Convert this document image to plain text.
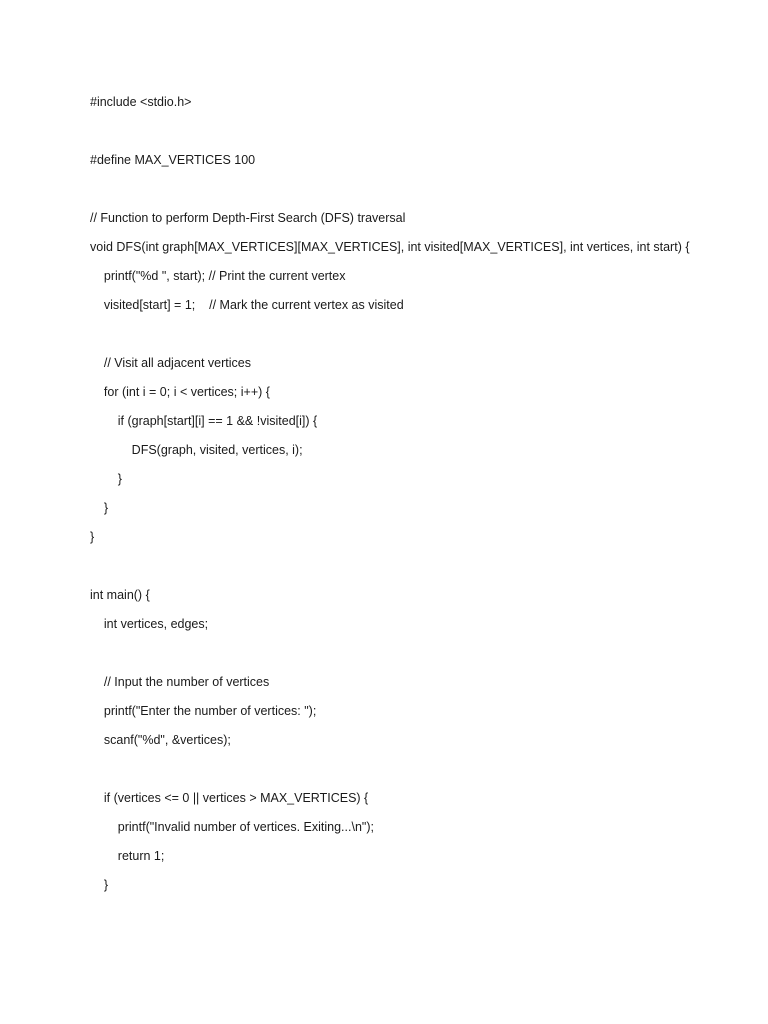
#include <stdio.h>
#define MAX_VERTICES 100
// Function to perform Depth-First Search (DFS) traversal
void DFS(int graph[MAX_VERTICES][MAX_VERTICES], int visited[MAX_VERTICES], int vertices, int start) {
printf("%d ", start); // Print the current vertex
visited[start] = 1;    // Mark the current vertex as visited
// Visit all adjacent vertices
for (int i = 0; i < vertices; i++) {
if (graph[start][i] == 1 && !visited[i]) {
DFS(graph, visited, vertices, i);
}
}
}
int main() {
int vertices, edges;
// Input the number of vertices
printf("Enter the number of vertices: ");
scanf("%d", &vertices);
if (vertices <= 0 || vertices > MAX_VERTICES) {
printf("Invalid number of vertices. Exiting...\n");
return 1;
}
